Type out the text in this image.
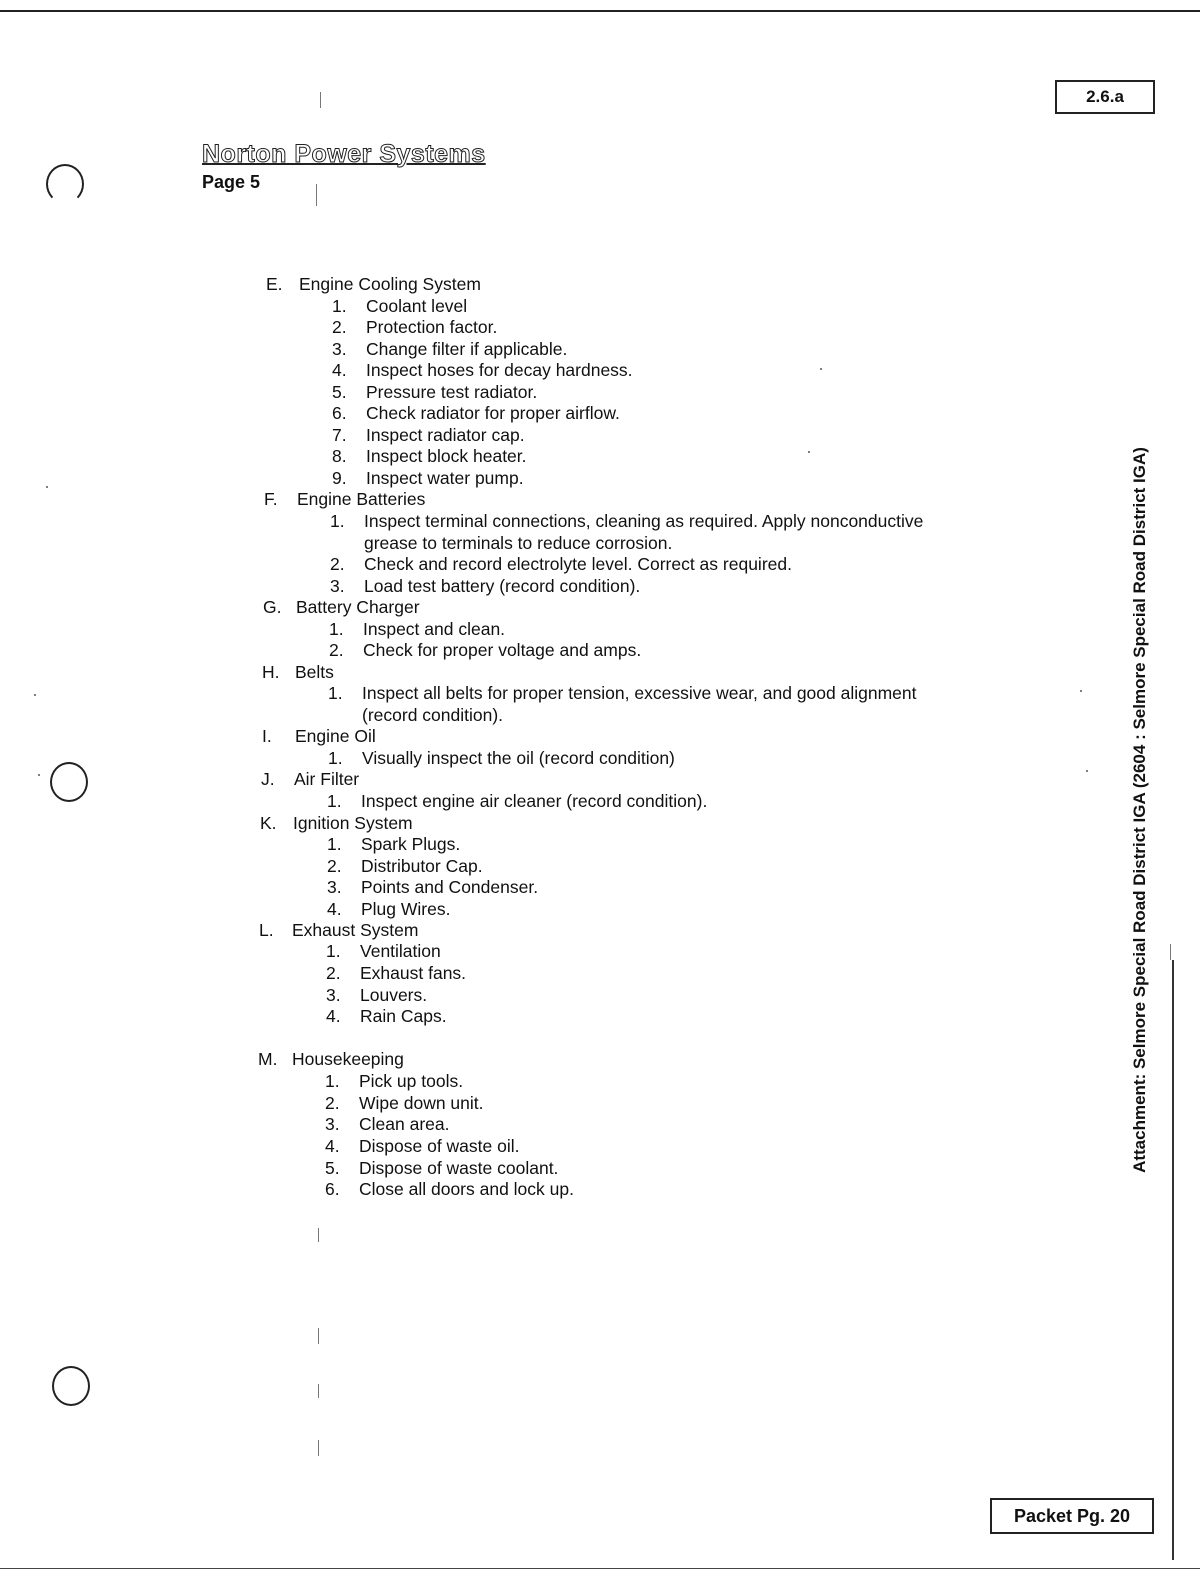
2.6.a
Norton Power Systems
Page 5
E. Engine Cooling System
1. Coolant level
2. Protection factor.
3. Change filter if applicable.
4. Inspect hoses for decay hardness.
5. Pressure test radiator.
6. Check radiator for proper airflow.
7. Inspect radiator cap.
8. Inspect block heater.
9. Inspect water pump.
F. Engine Batteries
1. Inspect terminal connections, cleaning as required. Apply nonconductive
grease to terminals to reduce corrosion.
2. Check and record electrolyte level. Correct as required.
3. Load test battery (record condition).
G. Battery Charger
1. Inspect and clean.
2. Check for proper voltage and amps.
H. Belts
1. Inspect all belts for proper tension, excessive wear, and good alignment
(record condition).
I. Engine Oil
1. Visually inspect the oil (record condition)
J. Air Filter
1. Inspect engine air cleaner (record condition).
K. Ignition System
1. Spark Plugs.
2. Distributor Cap.
3. Points and Condenser.
4. Plug Wires.
L. Exhaust System
1. Ventilation
2. Exhaust fans.
3. Louvers.
4. Rain Caps.
M. Housekeeping
1. Pick up tools.
2. Wipe down unit.
3. Clean area.
4. Dispose of waste oil.
5. Dispose of waste coolant.
6. Close all doors and lock up.
Attachment: Selmore Special Road District IGA (2604 : Selmore Special Road District IGA)
Packet Pg. 20
